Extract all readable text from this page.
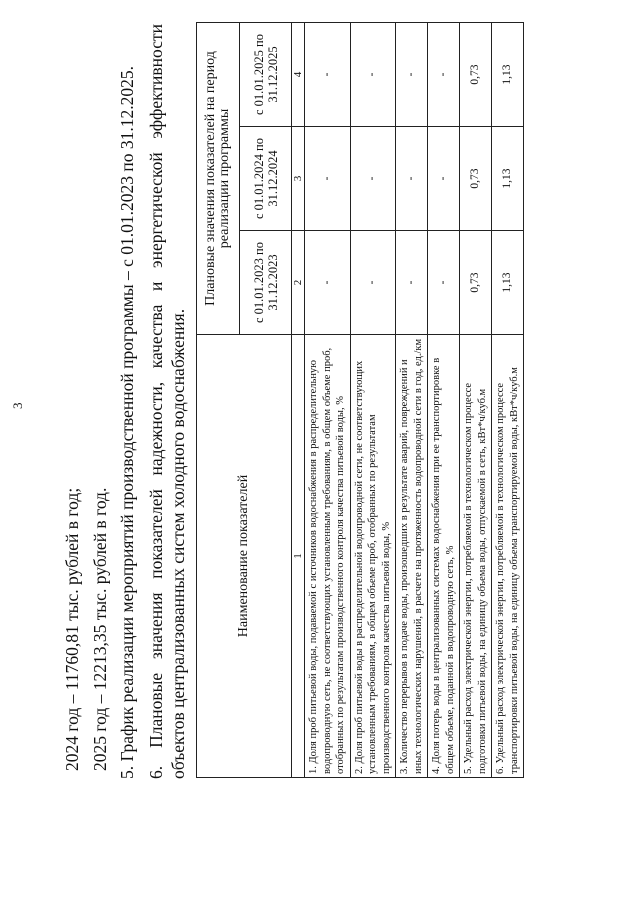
3
2024 год – 11760,81 тыс. рублей в год; 2025 год – 12213,35 тыс. рублей в год. 5. График реализации мероприятий производственной программы – с 01.01.2023 по 31.12.2025. 6.Плановые значения показателей надежности, качества и энергетической эффективности объектов централизованных систем холодного водоснабжения.	Наименование показателей	Плановые значения показателей на период реализации программы		
	с 01.01.2023 по 31.12.2023	с 01.01.2024 по 31.12.2024	с 01.01.2025 по 31.12.2025
1	2	3	4
1. Доля проб питьевой воды, подаваемой с источников водоснабжения в распределительную водопроводную сеть, не соответствующих установленным требованиям, в общем объеме проб, отобранных по результатам производственного контроля качества питьевой воды, %	-	-	-
2. Доля проб питьевой воды в распределительной водопроводной сети, не соответствующих установленным требованиям, в общем объеме проб, отобранных по результатам производственного контроля качества питьевой воды, %	-	-	-
3. Количество перерывов в подаче воды, произошедших в результате аварий, повреждений и иных технологических нарушений, в расчете на протяженность водопроводной сети в год, ед./км	-	-	-
4. Доля потерь воды в централизованных системах водоснабжения при ее транспортировке в общем объеме, поданной в водопроводную сеть, %	-	-	-
5. Удельный расход электрической энергии, потребляемой в технологическом процессе подготовки питьевой воды, на единицу объема воды, отпускаемой в сеть, кВт*ч/куб.м	0,73	0,73	0,73
6. Удельный расход электрической энергии, потребляемой в технологическом процессе транспортировки питьевой воды, на единицу объема транспортируемой воды, кВт*ч/куб.м	1,13	1,13	1,13
